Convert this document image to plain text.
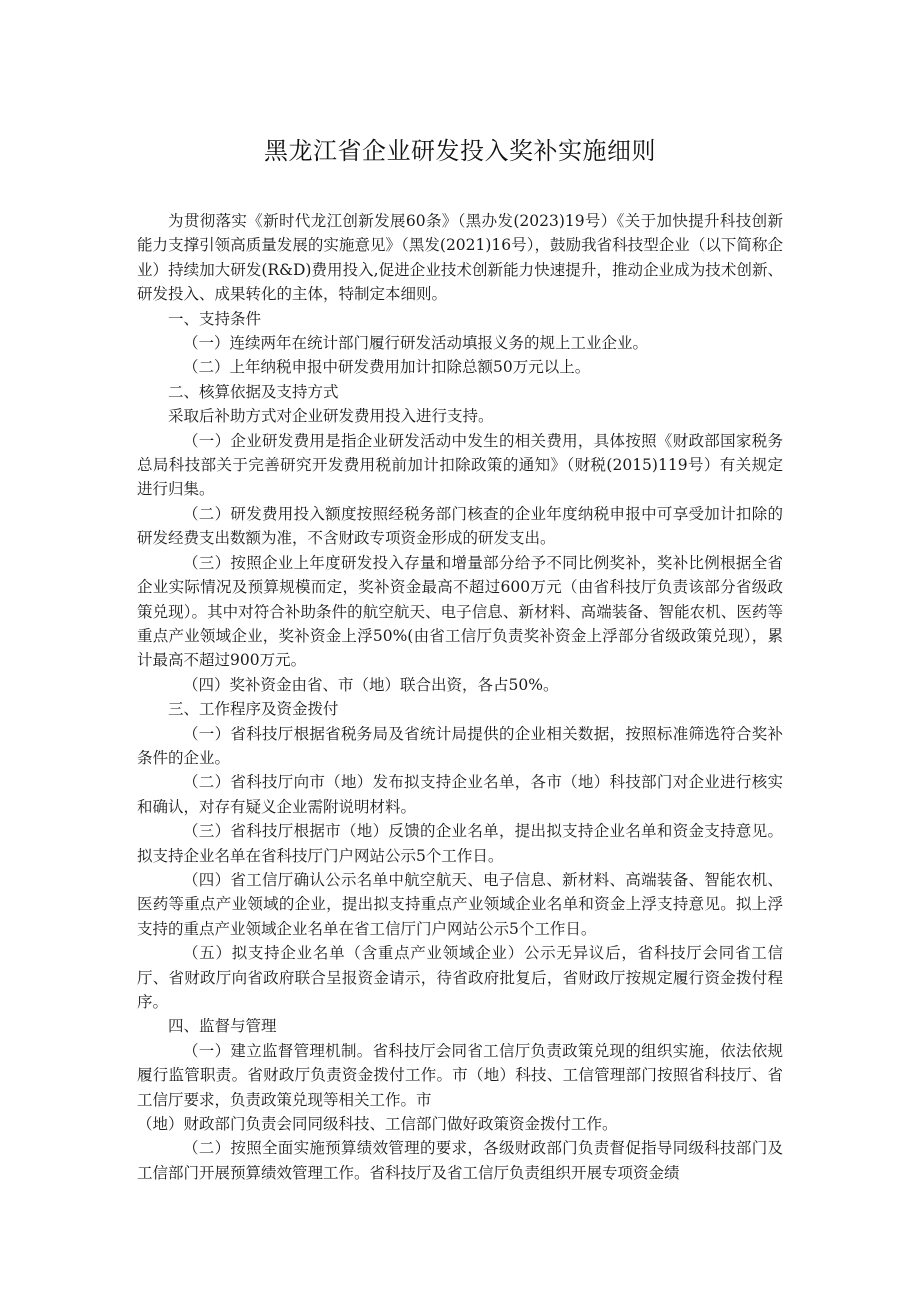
黑龙江省企业研发投入奖补实施细则

为贯彻落实《新时代龙江创新发展60条》（黑办发(2023)19号）《关于加快提升科技创新能力支撑引领高质量发展的实施意见》（黑发(2021)16号），鼓励我省科技型企业（以下简称企业）持续加大研发(R&D)费用投入,促进企业技术创新能力快速提升，推动企业成为技术创新、研发投入、成果转化的主体，特制定本细则。

一、支持条件

（一）连续两年在统计部门履行研发活动填报义务的规上工业企业。

（二）上年纳税申报中研发费用加计扣除总额50万元以上。

二、核算依据及支持方式

采取后补助方式对企业研发费用投入进行支持。

（一）企业研发费用是指企业研发活动中发生的相关费用，具体按照《财政部国家税务总局科技部关于完善研究开发费用税前加计扣除政策的通知》（财税(2015)119号）有关规定进行归集。

（二）研发费用投入额度按照经税务部门核查的企业年度纳税申报中可享受加计扣除的研发经费支出数额为准，不含财政专项资金形成的研发支出。

（三）按照企业上年度研发投入存量和增量部分给予不同比例奖补，奖补比例根据全省企业实际情况及预算规模而定，奖补资金最高不超过600万元（由省科技厅负责该部分省级政策兑现）。其中对符合补助条件的航空航天、电子信息、新材料、高端装备、智能农机、医药等重点产业领域企业，奖补资金上浮50%(由省工信厅负责奖补资金上浮部分省级政策兑现），累计最高不超过900万元。

（四）奖补资金由省、市（地）联合出资，各占50%。

三、工作程序及资金拨付

（一）省科技厅根据省税务局及省统计局提供的企业相关数据，按照标准筛选符合奖补条件的企业。

（二）省科技厅向市（地）发布拟支持企业名单，各市（地）科技部门对企业进行核实和确认，对存有疑义企业需附说明材料。

（三）省科技厅根据市（地）反馈的企业名单，提出拟支持企业名单和资金支持意见。拟支持企业名单在省科技厅门户网站公示5个工作日。

（四）省工信厅确认公示名单中航空航天、电子信息、新材料、高端装备、智能农机、医药等重点产业领域的企业，提出拟支持重点产业领域企业名单和资金上浮支持意见。拟上浮支持的重点产业领域企业名单在省工信厅门户网站公示5个工作日。

（五）拟支持企业名单（含重点产业领域企业）公示无异议后，省科技厅会同省工信厅、省财政厅向省政府联合呈报资金请示，待省政府批复后，省财政厅按规定履行资金拨付程序。

四、监督与管理

（一）建立监督管理机制。省科技厅会同省工信厅负责政策兑现的组织实施，依法依规履行监管职责。省财政厅负责资金拨付工作。市（地）科技、工信管理部门按照省科技厅、省工信厅要求，负责政策兑现等相关工作。市

（地）财政部门负责会同同级科技、工信部门做好政策资金拨付工作。

（二）按照全面实施预算绩效管理的要求，各级财政部门负责督促指导同级科技部门及工信部门开展预算绩效管理工作。省科技厅及省工信厅负责组织开展专项资金绩
